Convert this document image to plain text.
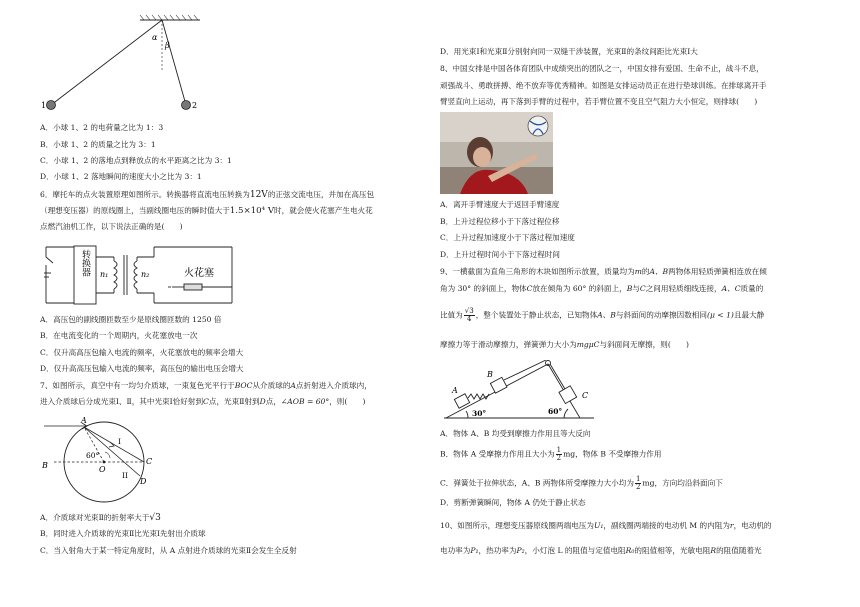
α
β
1	2
A．小球 1、2 的电荷量之比为 1：3
B．小球 1、2 的质量之比为 3：1
C．小球 1、2 的落地点到释放点的水平距离之比为 3：1
D．小球 1、2 落地瞬间的速度大小之比为 3：1
6．摩托车的点火装置原理如图所示。转换器将直流电压转换为12V的正弦交流电压，并加在高压包
（理想变压器）的原线圈上，当副线圈电压的瞬时值大于1.5×10⁴ V时，就会使火花塞产生电火花
点燃汽油机工作，以下说法正确的是(　　)
转换器 n₁	n₂	火花塞
A．高压包的副线圈匝数至少是原线圈匝数的 1250 倍
B．在电流变化的一个周期内，火花塞放电一次
C．仅升高高压包输入电流的频率，火花塞放电的频率会增大
D．仅升高高压包输入电流的频率，高压包的输出电压会增大
7、如图所示，真空中有一均匀介质球，一束复色光平行于BOC从介质球的A点折射进入介质球内，
进入介质球后分成光束Ⅰ、Ⅱ，其中光束Ⅰ恰好射到C点，光束Ⅱ射到D点，∠AOB = 60°，则(　　)
A
B	O
C
D
60°
I
II
A．介质球对光束Ⅱ的折射率大于√3
B．同时进入介质球的光束Ⅱ比光束Ⅰ先射出介质球
C．当入射角大于某一特定角度时，从 A 点射进介质球的光束Ⅱ会发生全反射
D．用光束Ⅰ和光束Ⅱ分别射向同一双缝干涉装置，光束Ⅱ的条纹间距比光束Ⅰ大
8、中国女排是中国各体育团队中成绩突出的团队之一，中国女排有爱国、生命不止，战斗不息，
顽强战斗、勇敢拼搏、绝不放弃等优秀精神。如图是女排运动员正在进行垫球训练。在排球离开手
臂竖直向上运动，再下落到手臂的过程中，若手臂位置不变且空气阻力大小恒定，则排球(　　)
A．离开手臂速度大于返回手臂速度
B．上升过程位移小于下落过程位移
C．上升过程加速度小于下落过程加速度
D．上升过程时间小于下落过程时间
9、一横截面为直角三角形的木块如图所示放置，质量均为m的A、B两物体用轻质弹簧相连放在倾
角为 30° 的斜面上，物体C放在倾角为 60° 的斜面上，B与C之间用轻质细线连接，A、C质量的
比值为 $\frac{√3}{4}$ ，整个装置处于静止状态，已知物体A、B与斜面间的动摩擦因数相同(μ < 1)且最大静
摩擦力等于滑动摩擦力，弹簧弹力大小为mgμC与斜面间无摩擦，则(　　)
A
B
C
30°	60°
A．物体 A、B 均受到摩擦力作用且等大反向
B．物体 A 受摩擦力作用且大小为 $\frac{1}{2}$ mg，物体 B 不受摩擦力作用
C．弹簧处于拉伸状态，A、B 两物体所受摩擦力大小均为 $\frac{1}{2}$ mg，方向均沿斜面向下
D．剪断弹簧瞬间，物体 A 仍处于静止状态
10、如图所示，理想变压器原线圈两端电压为U₁，副线圈两端接的电动机 M 的内阻为r，电动机的
电功率为P₁，热功率为P₂，小灯泡 L 的阻值与定值电阻R₀的阻值相等，光敏电阻R的阻值随着光
